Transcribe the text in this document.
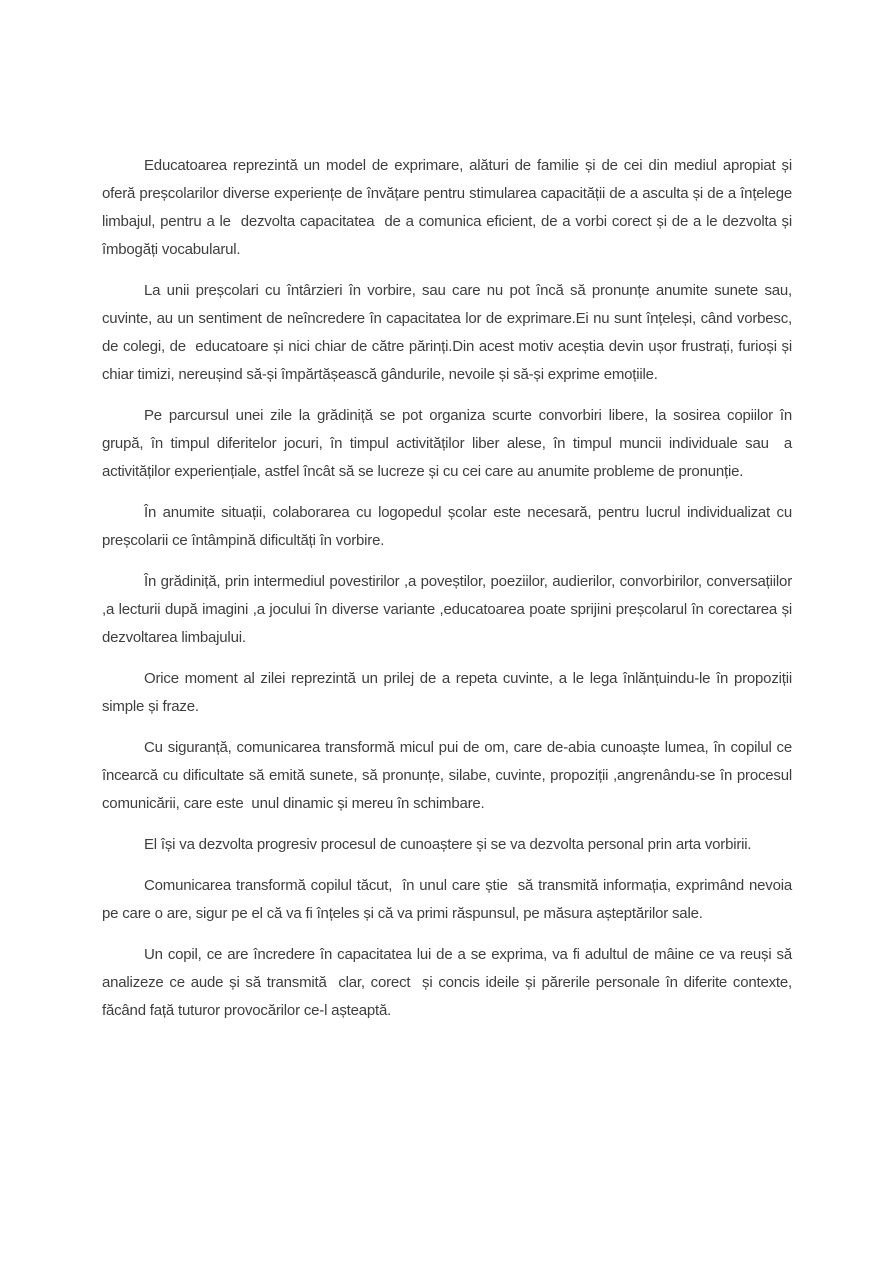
Educatoarea reprezintă un model de exprimare, alături de familie și de cei din mediul apropiat și oferă preșcolarilor diverse experiențe de învățare pentru stimularea capacității de a asculta și de a înțelege limbajul, pentru a le  dezvolta capacitatea  de a comunica eficient, de a vorbi corect și de a le dezvolta și îmbogăți vocabularul.

La unii preșcolari cu întârzieri în vorbire, sau care nu pot încă să pronunțe anumite sunete sau, cuvinte, au un sentiment de neîncredere în capacitatea lor de exprimare.Ei nu sunt înțeleși, când vorbesc, de colegi, de  educatoare și nici chiar de către părinți.Din acest motiv aceștia devin ușor frustrați, furioși și chiar timizi, nereușind să-și împărtășească gândurile, nevoile și să-și exprime emoțiile.

Pe parcursul unei zile la grădiniță se pot organiza scurte convorbiri libere, la sosirea copiilor în grupă, în timpul diferitelor jocuri, în timpul activităților liber alese, în timpul muncii individuale sau  a activităților experiențiale, astfel încât să se lucreze și cu cei care au anumite probleme de pronunție.

În anumite situații, colaborarea cu logopedul școlar este necesară, pentru lucrul individualizat cu preșcolarii ce întâmpină dificultăți în vorbire.

În grădiniță, prin intermediul povestirilor ,a poveștilor, poeziilor, audierilor, convorbirilor, conversațiilor ,a lecturii după imagini ,a jocului în diverse variante ,educatoarea poate sprijini preșcolarul în corectarea și dezvoltarea limbajului.

Orice moment al zilei reprezintă un prilej de a repeta cuvinte, a le lega înlănțuindu-le în propoziții simple și fraze.

Cu siguranță, comunicarea transformă micul pui de om, care de-abia cunoaște lumea, în copilul ce încearcă cu dificultate să emită sunete, să pronunțe, silabe, cuvinte, propoziții ,angrenându-se în procesul comunicării, care este  unul dinamic și mereu în schimbare.

El își va dezvolta progresiv procesul de cunoaștere și se va dezvolta personal prin arta vorbirii.

Comunicarea transformă copilul tăcut,  în unul care știe  să transmită informația, exprimând nevoia pe care o are, sigur pe el că va fi înțeles și că va primi răspunsul, pe măsura așteptărilor sale.

Un copil, ce are încredere în capacitatea lui de a se exprima, va fi adultul de mâine ce va reuși să analizeze ce aude și să transmită  clar, corect  și concis ideile și părerile personale în diferite contexte, făcând față tuturor provocărilor ce-l așteaptă.
